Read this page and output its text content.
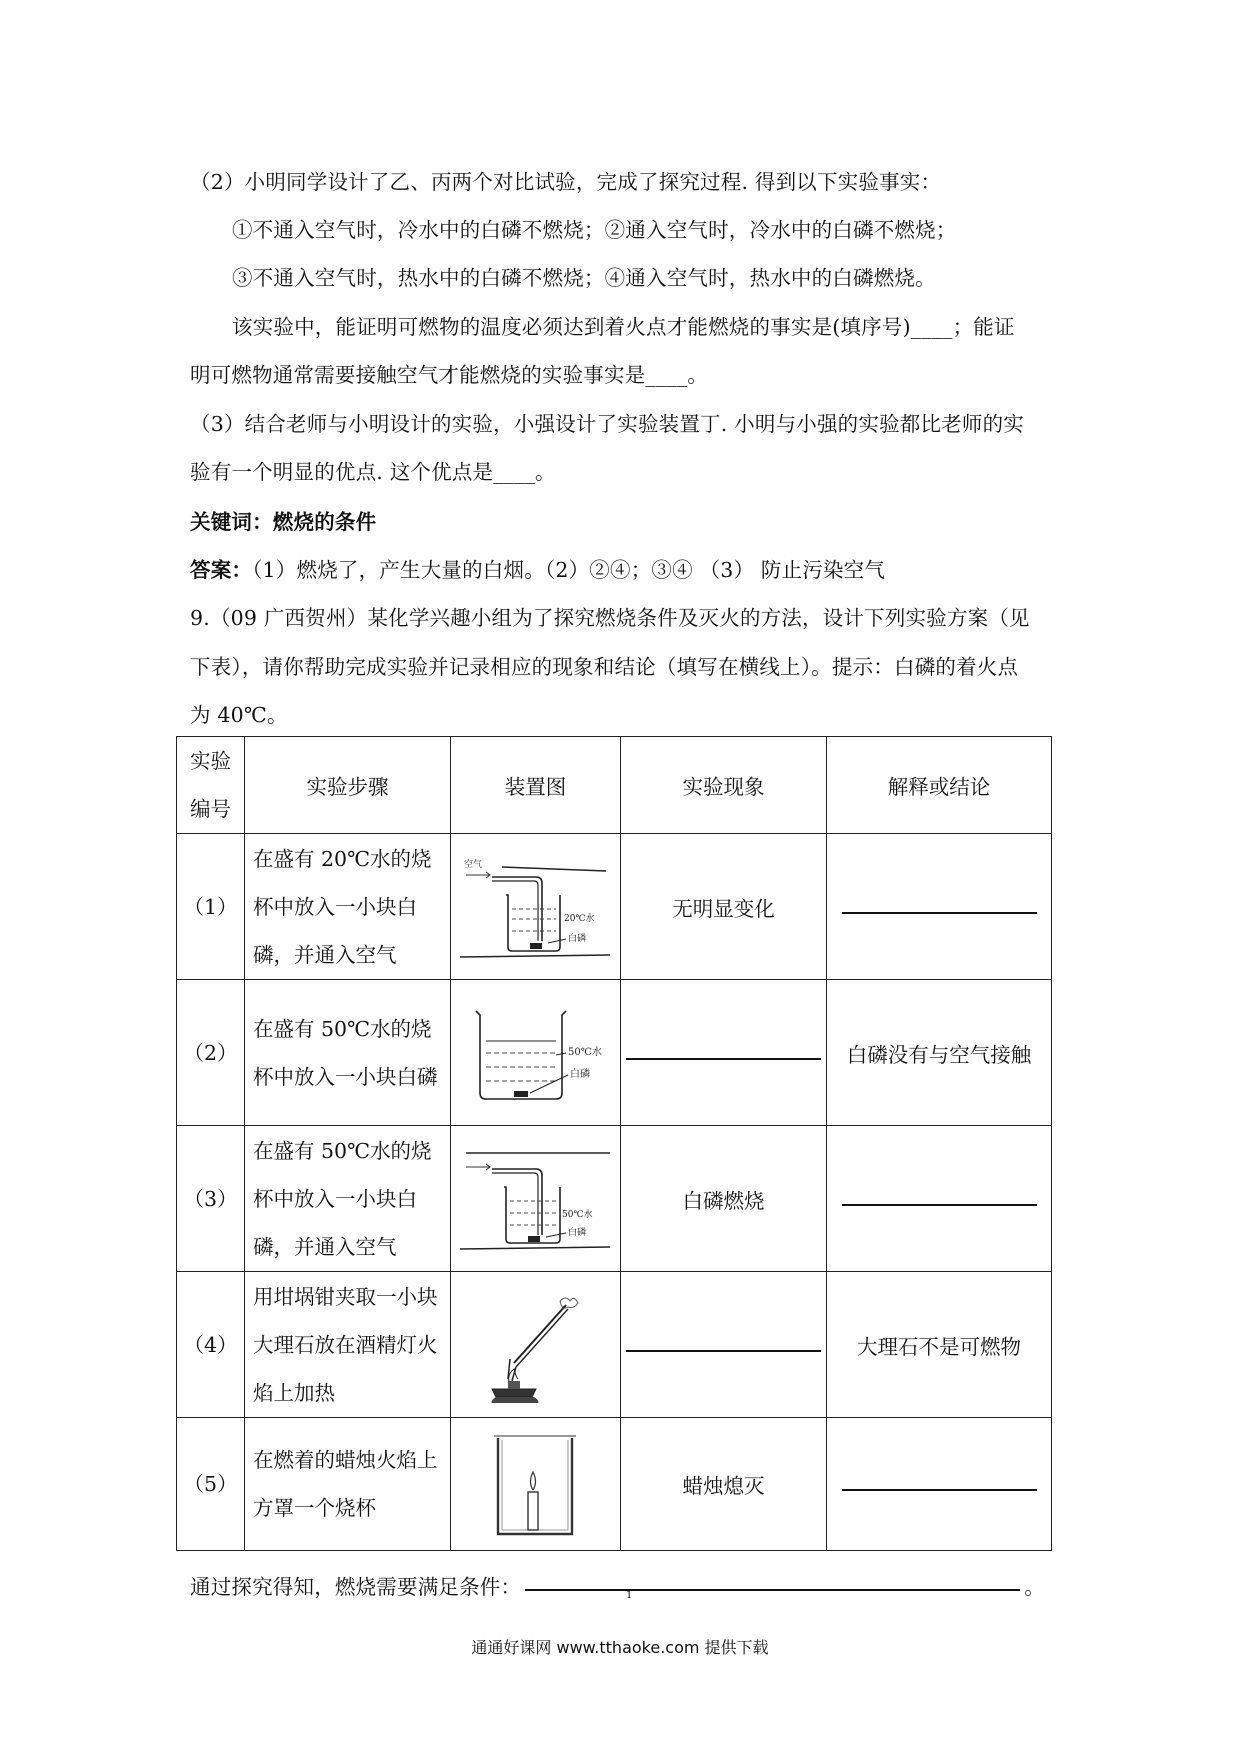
（2）小明同学设计了乙、丙两个对比试验，完成了探究过程. 得到以下实验事实：
①不通入空气时，冷水中的白磷不燃烧；②通入空气时，冷水中的白磷不燃烧；
③不通入空气时，热水中的白磷不燃烧；④通入空气时，热水中的白磷燃烧。
该实验中，能证明可燃物的温度必须达到着火点才能燃烧的事实是(填序号)____；能证
明可燃物通常需要接触空气才能燃烧的实验事实是____。
（3）结合老师与小明设计的实验，小强设计了实验装置丁. 小明与小强的实验都比老师的实
验有一个明显的优点. 这个优点是____。
关键词：燃烧的条件
答案：（1）燃烧了，产生大量的白烟。（2）②④；③④ （3） 防止污染空气
9.（09 广西贺州）某化学兴趣小组为了探究燃烧条件及灭火的方法，设计下列实验方案（见
下表），请你帮助完成实验并记录相应的现象和结论（填写在横线上）。提示：白磷的着火点
为 40℃。
实验
编号	实验步骤	装置图	实验现象	解释或结论
（1）	在盛有 20℃水的烧杯中放入一小块白磷，并通入空气	空气
20℃水
白磷	无明显变化	
（2）	在盛有 50℃水的烧杯中放入一小块白磷	50℃水
白磷		白磷没有与空气接触
（3）	在盛有 50℃水的烧杯中放入一小块白磷，并通入空气	50℃水
白磷	白磷燃烧	
（4）	用坩埚钳夹取一小块大理石放在酒精灯火焰上加热			大理石不是可燃物
（5）	在燃着的蜡烛火焰上方罩一个烧杯		蜡烛熄灭	
通过探究得知，燃烧需要满足条件：	。
通通好课网 www.tthaoke.com 提供下载
1
